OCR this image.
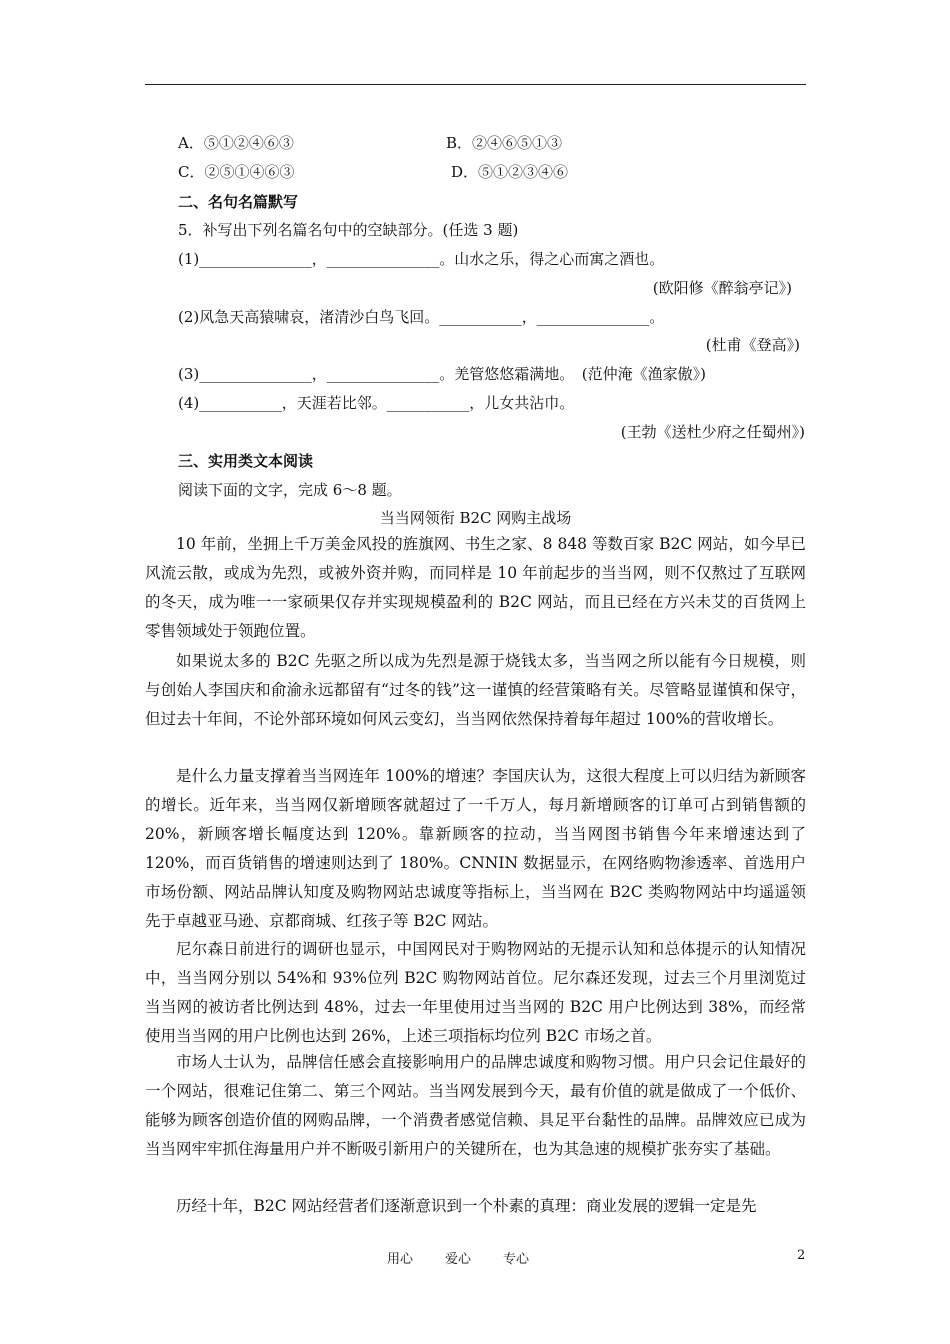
A．⑤①②④⑥③	B．②④⑥⑤①③
C．②⑤①④⑥③	D．⑤①②③④⑥
二、名句名篇默写
5．补写出下列名篇名句中的空缺部分。(任选 3 题)
(1)_______________，_______________。山水之乐，得之心而寓之酒也。
(欧阳修《醉翁亭记》)
(2)风急天高猿啸哀，渚清沙白鸟飞回。___________，_______________。
(杜甫《登高》)
(3)_______________，_______________。羌管悠悠霜满地。　(范仲淹《渔家傲》)
(4)___________，天涯若比邻。___________，儿女共沾巾。
(王勃《送杜少府之任蜀州》)
三、实用类文本阅读
阅读下面的文字，完成 6～8 题。
当当网领衔 B2C 网购主战场
10 年前，坐拥上千万美金风投的旌旗网、书生之家、8 848 等数百家 B2C 网站，如今早已风流云散，或成为先烈，或被外资并购，而同样是 10 年前起步的当当网，则不仅熬过了互联网的冬天，成为唯一一家硕果仅存并实现规模盈利的 B2C 网站，而且已经在方兴未艾的百货网上零售领域处于领跑位置。
如果说太多的 B2C 先驱之所以成为先烈是源于烧钱太多，当当网之所以能有今日规模，则与创始人李国庆和俞渝永远都留有“过冬的钱”这一谨慎的经营策略有关。尽管略显谨慎和保守，但过去十年间，不论外部环境如何风云变幻，当当网依然保持着每年超过 100%的营收增长。
是什么力量支撑着当当网连年 100%的增速？李国庆认为，这很大程度上可以归结为新顾客的增长。近年来，当当网仅新增顾客就超过了一千万人，每月新增顾客的订单可占到销售额的 20%，新顾客增长幅度达到 120%。靠新顾客的拉动，当当网图书销售今年来增速达到了 120%，而百货销售的增速则达到了 180%。CNNIN 数据显示，在网络购物渗透率、首选用户市场份额、网站品牌认知度及购物网站忠诚度等指标上，当当网在 B2C 类购物网站中均遥遥领先于卓越亚马逊、京都商城、红孩子等 B2C 网站。
尼尔森日前进行的调研也显示，中国网民对于购物网站的无提示认知和总体提示的认知情况中，当当网分别以 54%和 93%位列 B2C 购物网站首位。尼尔森还发现，过去三个月里浏览过当当网的被访者比例达到 48%，过去一年里使用过当当网的 B2C 用户比例达到 38%，而经常使用当当网的用户比例也达到 26%，上述三项指标均位列 B2C 市场之首。
市场人士认为，品牌信任感会直接影响用户的品牌忠诚度和购物习惯。用户只会记住最好的一个网站，很难记住第二、第三个网站。当当网发展到今天，最有价值的就是做成了一个低价、能够为顾客创造价值的网购品牌，一个消费者感觉信赖、具足平台黏性的品牌。品牌效应已成为当当网牢牢抓住海量用户并不断吸引新用户的关键所在，也为其急速的规模扩张夯实了基础。
历经十年，B2C 网站经营者们逐渐意识到一个朴素的真理：商业发展的逻辑一定是先
用心 爱心 专心	2
